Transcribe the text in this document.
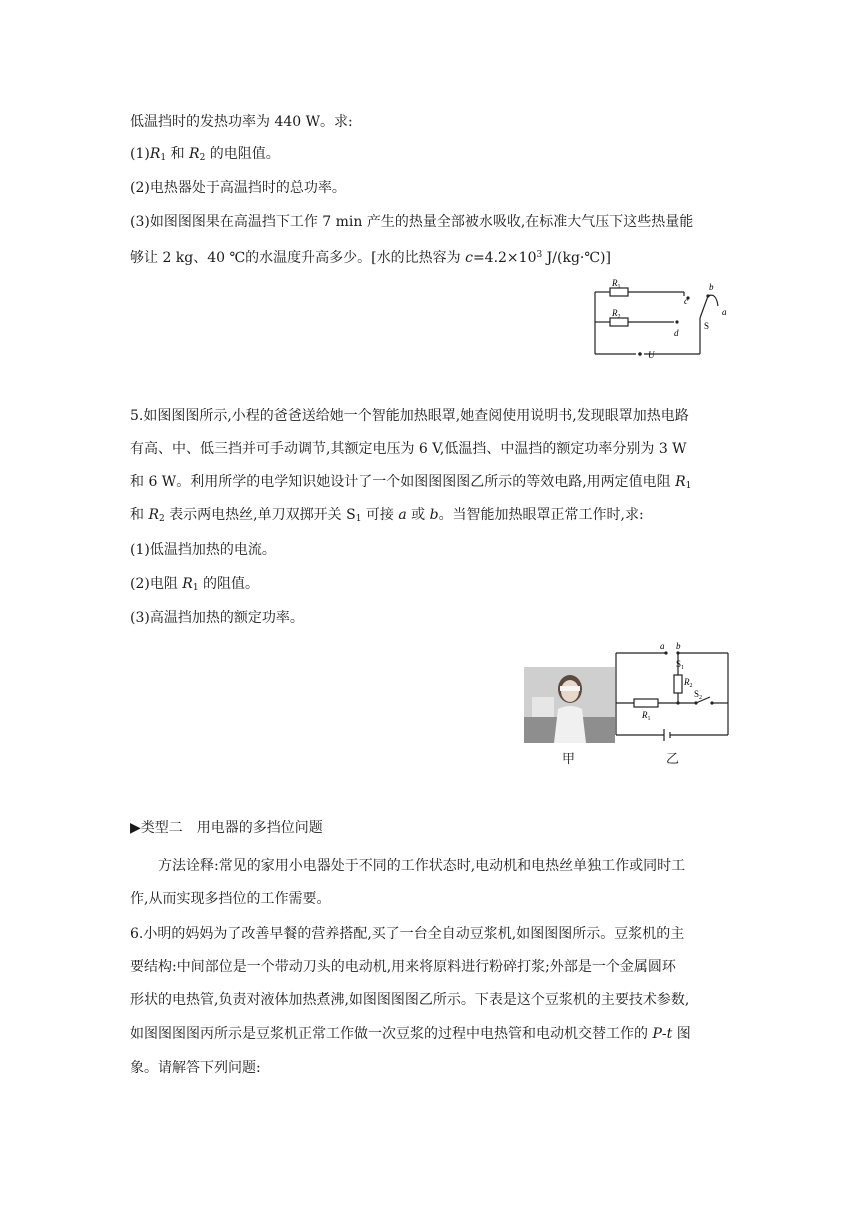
低温挡时的发热功率为 440 W。求:
$(1)R_1$ 和 $R_2$ 的电阻值。
(2)电热器处于高温挡时的总功率。
(3)如图图图果在高温挡下工作 7 min 产生的热量全部被水吸收,在标准大气压下这些热量能
够让 2 kg、40 ℃的水温度升高多少。[水的比热容为 $c=4.2\times 10^3$ J/(kg·℃)]
$R_1$
$R_2$
c
d
b
a
S
U
5.如图图图所示,小程的爸爸送给她一个智能加热眼罩,她查阅使用说明书,发现眼罩加热电路
有高、中、低三挡并可手动调节,其额定电压为 6 V,低温挡、中温挡的额定功率分别为 3 W
和 6 W。利用所学的电学知识她设计了一个如图图图图乙所示的等效电路,用两定值电阻 $R_1$
和 $R_2$ 表示两电热丝,单刀双掷开关 $S_1$ 可接 a 或 b。当智能加热眼罩正常工作时,求:
(1)低温挡加热的电流。
(2)电阻 $R_1$ 的阻值。
(3)高温挡加热的额定功率。
甲
a b
$S_1$
$R_2$
$S_2$
$R_1$
乙
▶类型二　用电器的多挡位问题
方法诠释:常见的家用小电器处于不同的工作状态时,电动机和电热丝单独工作或同时工
作,从而实现多挡位的工作需要。
6.小明的妈妈为了改善早餐的营养搭配,买了一台全自动豆浆机,如图图图所示。豆浆机的主
要结构:中间部位是一个带动刀头的电动机,用来将原料进行粉碎打浆;外部是一个金属圆环
形状的电热管,负责对液体加热煮沸,如图图图图乙所示。下表是这个豆浆机的主要技术参数,
如图图图图丙所示是豆浆机正常工作做一次豆浆的过程中电热管和电动机交替工作的 P-t 图
象。请解答下列问题:
